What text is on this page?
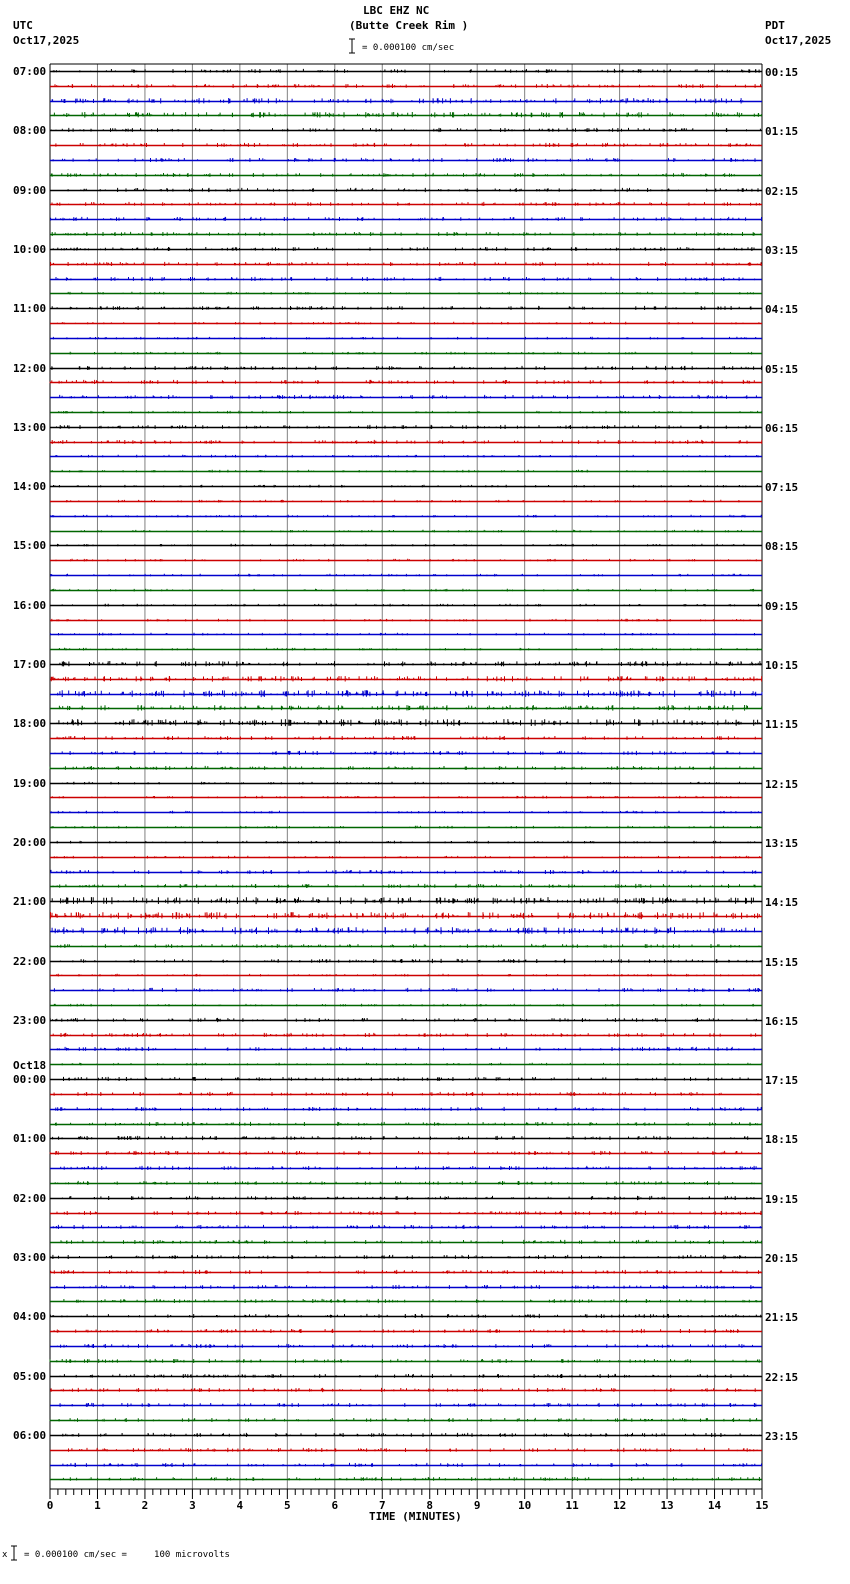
LBC EHZ NC
(Butte Creek Rim )
UTC
Oct17,2025
PDT
Oct17,2025
= 0.000100 cm/sec
07:00
08:00
09:00
10:00
11:00
12:00
13:00
14:00
15:00
16:00
17:00
18:00
19:00
20:00
21:00
22:00
23:00
00:00
Oct18
01:00
02:00
03:00
04:00
05:00
06:00
00:15
01:15
02:15
03:15
04:15
05:15
06:15
07:15
08:15
09:15
10:15
11:15
12:15
13:15
14:15
15:15
16:15
17:15
18:15
19:15
20:15
21:15
22:15
23:15
0	1	2	3	4	5	6	7	8	9	10	11	12	13	14	15
TIME (MINUTES)
x = 0.000100 cm/sec =     100 microvolts
